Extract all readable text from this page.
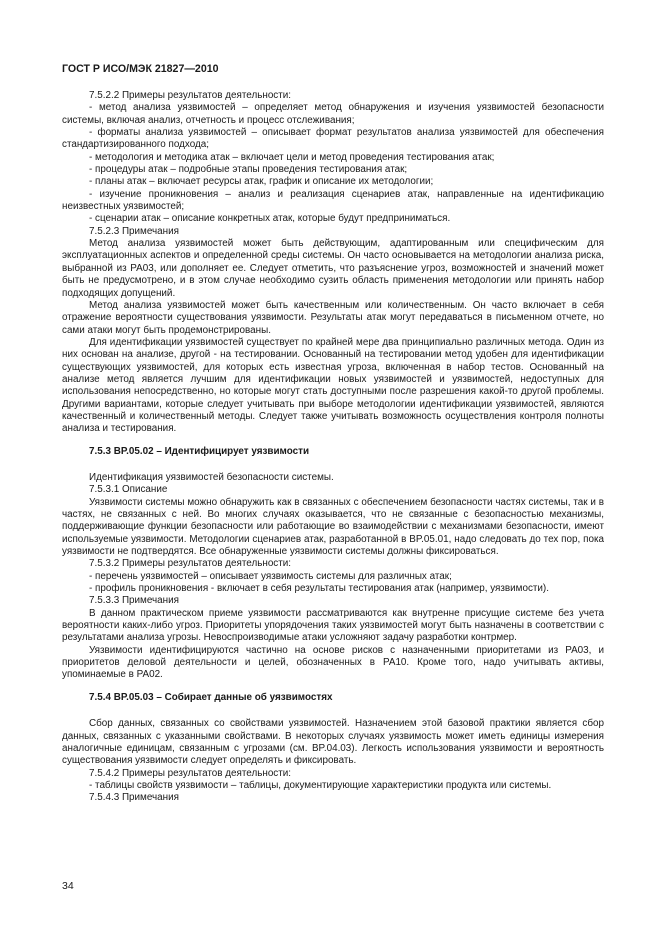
ГОСТ Р ИСО/МЭК 21827—2010

7.5.2.2 Примеры результатов деятельности:

- метод анализа уязвимостей – определяет метод обнаружения и изучения уязвимостей безопасности системы, включая анализ, отчетность и процесс отслеживания;

- форматы анализа уязвимостей – описывает формат результатов анализа уязвимостей для обеспечения стандартизированного подхода;

- методология и методика атак – включает цели и метод проведения тестирования атак;

- процедуры атак – подробные этапы проведения тестирования атак;

- планы атак – включает ресурсы атак, график и описание их методологии;

- изучение проникновения – анализ и реализация сценариев атак, направленные на идентификацию неизвестных уязвимостей;

- сценарии атак – описание конкретных атак, которые будут предприниматься.

7.5.2.3 Примечания

Метод анализа уязвимостей может быть действующим, адаптированным или специфическим для эксплуатационных аспектов и определенной среды системы. Он часто основывается на методологии анализа риска, выбранной из PA03, или дополняет ее. Следует отметить, что разъяснение угроз, возможностей и значений может быть не предусмотрено, и в этом случае необходимо сузить область применения методологии или принять набор подходящих допущений.

Метод анализа уязвимостей может быть качественным или количественным. Он часто включает в себя отражение вероятности существования уязвимости. Результаты атак могут передаваться в письменном отчете, но сами атаки могут быть продемонстрированы.

Для идентификации уязвимостей существует по крайней мере два принципиально различных метода. Один из них основан на анализе, другой - на тестировании. Основанный на тестировании метод удобен для идентификации существующих уязвимостей, для которых есть известная угроза, включенная в набор тестов. Основанный на анализе метод является лучшим для идентификации новых уязвимостей и уязвимостей, недоступных для использования непосредственно, но которые могут стать доступными после разрешения какой-то другой проблемы. Другими вариантами, которые следует учитывать при выборе методологии идентификации уязвимостей, являются качественный и количественный методы. Следует также учитывать возможность осуществления контроля полноты анализа и тестирования.

7.5.3 BP.05.02 – Идентифицирует уязвимости

Идентификация уязвимостей безопасности системы.

7.5.3.1 Описание

Уязвимости системы можно обнаружить как в связанных с обеспечением безопасности частях системы, так и в частях, не связанных с ней. Во многих случаях оказывается, что не связанные с безопасностью механизмы, поддерживающие функции безопасности или работающие во взаимодействии с механизмами безопасности, имеют используемые уязвимости. Методологии сценариев атак, разработанной в BP.05.01, надо следовать до тех пор, пока уязвимости не подтвердятся. Все обнаруженные уязвимости системы должны фиксироваться.

7.5.3.2 Примеры результатов деятельности:

- перечень уязвимостей – описывает уязвимость системы для различных атак;

- профиль проникновения - включает в себя результаты тестирования атак (например, уязвимости).

7.5.3.3 Примечания

В данном практическом приеме уязвимости рассматриваются как внутренне присущие системе без учета вероятности каких-либо угроз. Приоритеты упорядочения таких уязвимостей могут быть назначены в соответствии с результатами анализа угрозы. Невоспроизводимые атаки усложняют задачу разработки контрмер.

Уязвимости идентифицируются частично на основе рисков с назначенными приоритетами из PA03, и приоритетов деловой деятельности и целей, обозначенных в PA10. Кроме того, надо учитывать активы, упоминаемые в PA02.

7.5.4 BP.05.03 – Собирает данные об уязвимостях

Сбор данных, связанных со свойствами уязвимостей. Назначением этой базовой практики является сбор данных, связанных с указанными свойствами. В некоторых случаях уязвимость может иметь единицы измерения аналогичные единицам, связанным с угрозами (см. BP.04.03). Легкость использования уязвимости и вероятность существования уязвимости следует определять и фиксировать.

7.5.4.2 Примеры результатов деятельности:

- таблицы свойств уязвимости – таблицы, документирующие характеристики продукта или системы.

7.5.4.3 Примечания

34
